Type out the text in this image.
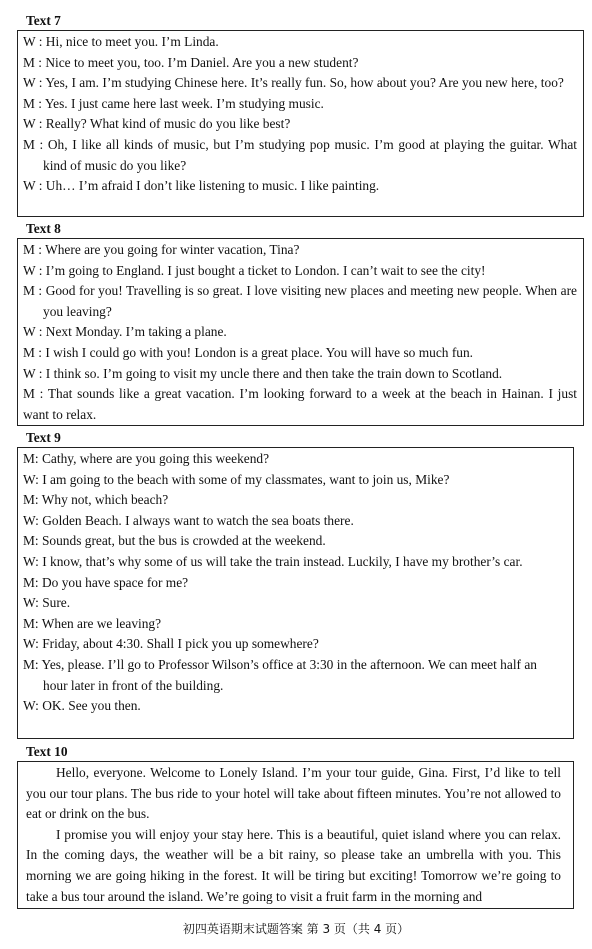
Text 7
W : Hi, nice to meet you. I’m Linda.
M : Nice to meet you, too. I’m Daniel. Are you a new student?
W : Yes, I am. I’m studying Chinese here. It’s really fun. So, how about you? Are you new here, too?
M : Yes. I just came here last week. I’m studying music.
W : Really? What kind of music do you like best?
M : Oh, I like all kinds of music, but I’m studying pop music. I’m good at playing the guitar. What kind of music do you like?
W : Uh… I’m afraid I don’t like listening to music. I like painting.
Text 8
M : Where are you going for winter vacation, Tina?
W : I’m going to England. I just bought a ticket to London. I can’t wait to see the city!
M : Good for you! Travelling is so great. I love visiting new places and meeting new people. When are you leaving?
W : Next Monday. I’m taking a plane.
M : I wish I could go with you! London is a great place. You will have so much fun.
W : I think so. I’m going to visit my uncle there and then take the train down to Scotland.
M : That sounds like a great vacation. I’m looking forward to a week at the beach in Hainan. I just want to relax.
Text 9
M: Cathy, where are you going this weekend?
W: I am going to the beach with some of my classmates, want to join us, Mike?
M: Why not, which beach?
W: Golden Beach. I always want to watch the sea boats there.
M: Sounds great, but the bus is crowded at the weekend.
W: I know, that’s why some of us will take the train instead. Luckily, I have my brother’s car.
M: Do you have space for me?
W: Sure.
M: When are we leaving?
W: Friday, about 4:30. Shall I pick you up somewhere?
M: Yes, please. I’ll go to Professor Wilson’s office at 3:30 in the afternoon. We can meet half an hour later in front of the building.
W: OK. See you then.
Text 10
Hello, everyone. Welcome to Lonely Island. I’m your tour guide, Gina. First, I’d like to tell you our tour plans. The bus ride to your hotel will take about fifteen minutes. You’re not allowed to eat or drink on the bus.
I promise you will enjoy your stay here. This is a beautiful, quiet island where you can relax. In the coming days, the weather will be a bit rainy, so please take an umbrella with you. This morning we are going hiking in the forest. It will be tiring but exciting! Tomorrow we’re going to take a bus tour around the island. We’re going to visit a fruit farm in the morning and
初四英语期末试题答案 第 3 页（共 4 页）
